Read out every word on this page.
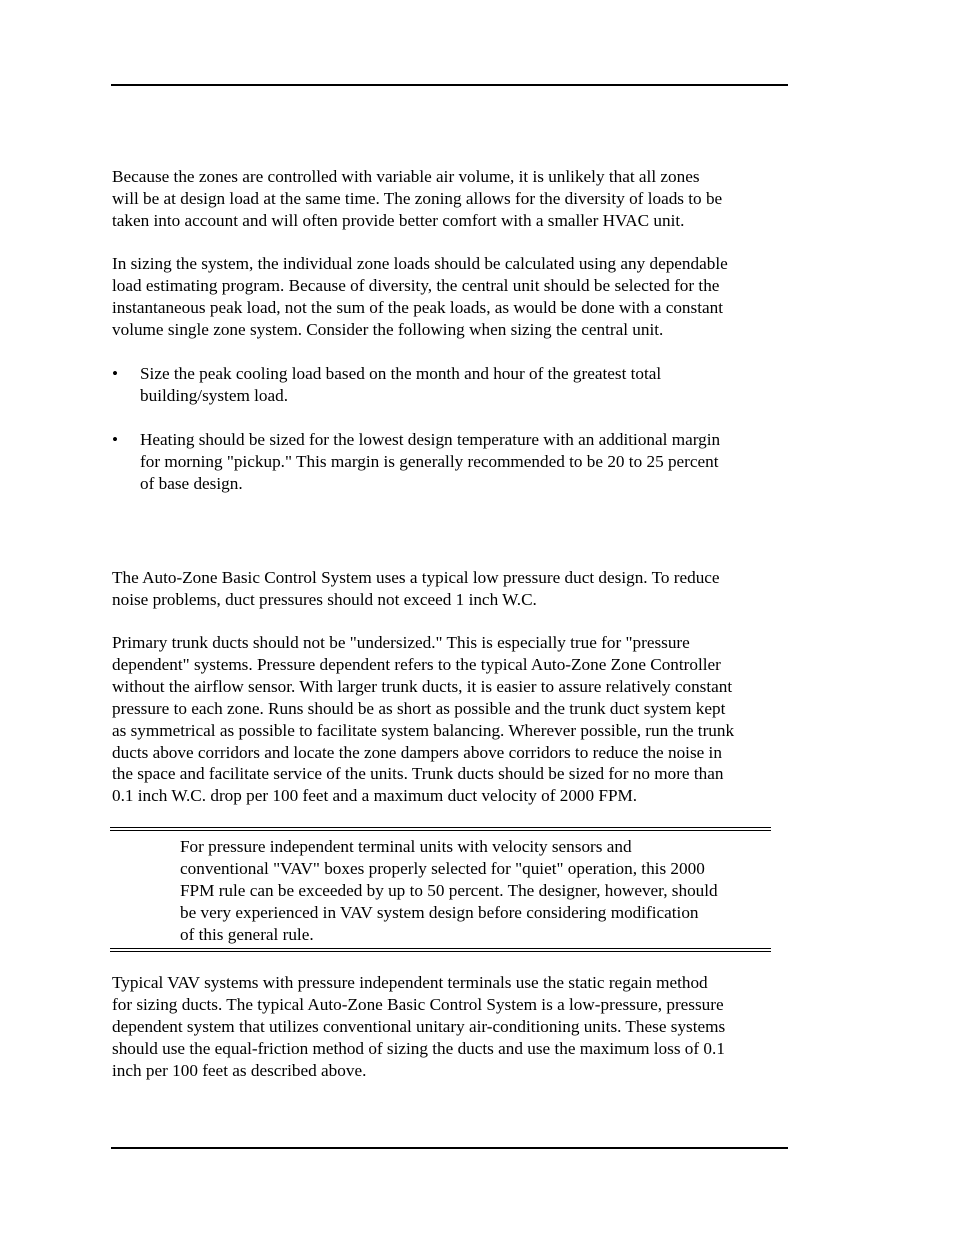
Because the zones are controlled with variable air volume, it is unlikely that all zones
will be at design load at the same time. The zoning allows for the diversity of loads to be
taken into account and will often provide better comfort with a smaller HVAC unit.

In sizing the system, the individual zone loads should be calculated using any dependable
load estimating program. Because of diversity, the central unit should be selected for the
instantaneous peak load, not the sum of the peak loads, as would be done with a constant
volume single zone system. Consider the following when sizing the central unit.

• Size the peak cooling load based on the month and hour of the greatest total
building/system load.

• Heating should be sized for the lowest design temperature with an additional margin
for morning "pickup." This margin is generally recommended to be 20 to 25 percent
of base design.

The Auto-Zone Basic Control System uses a typical low pressure duct design. To reduce
noise problems, duct pressures should not exceed 1 inch W.C.

Primary trunk ducts should not be "undersized." This is especially true for "pressure
dependent" systems. Pressure dependent refers to the typical Auto-Zone Zone Controller
without the airflow sensor. With larger trunk ducts, it is easier to assure relatively constant
pressure to each zone. Runs should be as short as possible and the trunk duct system kept
as symmetrical as possible to facilitate system balancing. Wherever possible, run the trunk
ducts above corridors and locate the zone dampers above corridors to reduce the noise in
the space and facilitate service of the units. Trunk ducts should be sized for no more than
0.1 inch W.C. drop per 100 feet and a maximum duct velocity of 2000 FPM.

For pressure independent terminal units with velocity sensors and
conventional "VAV" boxes properly selected for "quiet" operation, this 2000
FPM rule can be exceeded by up to 50 percent. The designer, however, should
be very experienced in VAV system design before considering modification
of this general rule.

Typical VAV systems with pressure independent terminals use the static regain method
for sizing ducts. The typical Auto-Zone Basic Control System is a low-pressure, pressure
dependent system that utilizes conventional unitary air-conditioning units. These systems
should use the equal-friction method of sizing the ducts and use the maximum loss of 0.1
inch per 100 feet as described above.
